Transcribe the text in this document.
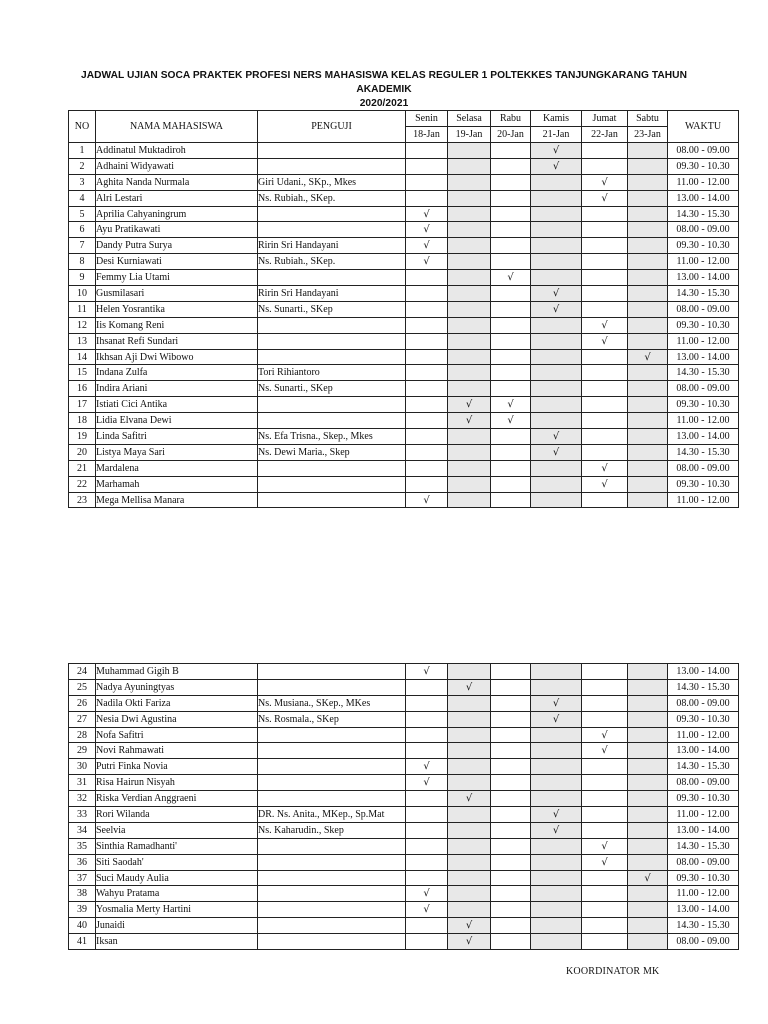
JADWAL UJIAN SOCA PRAKTEK PROFESI NERS MAHASISWA KELAS REGULER 1 POLTEKKES TANJUNGKARANG TAHUN AKADEMIK
2020/2021
NO	NAMA MAHASISWA	PENGUJI	Senin	Selasa	Rabu	Kamis	Jumat	Sabtu	WAKTU
			18-Jan	19-Jan	20-Jan	21-Jan	22-Jan	23-Jan	
1	Addinatul Muktadiroh					√			08.00 - 09.00
2	Adhaini Widyawati					√			09.30 - 10.30
3	Aghita Nanda Nurmala	Giri Udani., SKp., Mkes					√		11.00 - 12.00
4	Alri Lestari	Ns. Rubiah., SKep.					√		13.00 - 14.00
5	Aprilia Cahyaningrum		√						14.30 - 15.30
6	Ayu Pratikawati		√						08.00 - 09.00
7	Dandy Putra Surya	Ririn Sri Handayani	√						09.30 - 10.30
8	Desi Kurniawati	Ns. Rubiah., SKep.	√						11.00 - 12.00
9	Femmy Lia Utami				√				13.00 - 14.00
10	Gusmilasari	Ririn Sri Handayani				√			14.30 - 15.30
11	Helen Yosrantika	Ns. Sunarti., SKep				√			08.00 - 09.00
12	Iis Komang Reni						√		09.30 - 10.30
13	Ihsanat Refi Sundari						√		11.00 - 12.00
14	Ikhsan Aji Dwi Wibowo							√	13.00 - 14.00
15	Indana Zulfa	Tori Rihiantoro							14.30 - 15.30
16	Indira Ariani	Ns. Sunarti., SKep							08.00 - 09.00
17	Istiati Cici Antika			√	√				09.30 - 10.30
18	Lidia Elvana Dewi			√	√				11.00 - 12.00
19	Linda Safitri	Ns. Efa Trisna., Skep., Mkes				√			13.00 - 14.00
20	Listya Maya Sari	Ns. Dewi Maria., Skep				√			14.30 - 15.30
21	Mardalena						√		08.00 - 09.00
22	Marhamah						√		09.30 - 10.30
23	Mega Mellisa Manara		√						11.00 - 12.00
24	Muhammad Gigih B		√						13.00 - 14.00
25	Nadya Ayuningtyas			√					14.30 - 15.30
26	Nadila Okti Fariza	Ns. Musiana., SKep., MKes				√			08.00 - 09.00
27	Nesia Dwi Agustina	Ns. Rosmala., SKep				√			09.30 - 10.30
28	Nofa Safitri						√		11.00 - 12.00
29	Novi Rahmawati						√		13.00 - 14.00
30	Putri Finka Novia		√						14.30 - 15.30
31	Risa Hairun Nisyah		√						08.00 - 09.00
32	Riska Verdian Anggraeni			√					09.30 - 10.30
33	Rori Wilanda	DR. Ns. Anita., MKep., Sp.Mat				√			11.00 - 12.00
34	Seelvia	Ns. Kaharudin., Skep				√			13.00 - 14.00
35	Sinthia Ramadhanti'						√		14.30 - 15.30
36	Siti Saodah'						√		08.00 - 09.00
37	Suci Maudy Aulia							√	09.30 - 10.30
38	Wahyu Pratama		√						11.00 - 12.00
39	Yosmalia Merty Hartini		√						13.00 - 14.00
40	Junaidi			√					14.30 - 15.30
41	Iksan			√					08.00 - 09.00
KOORDINATOR MK
